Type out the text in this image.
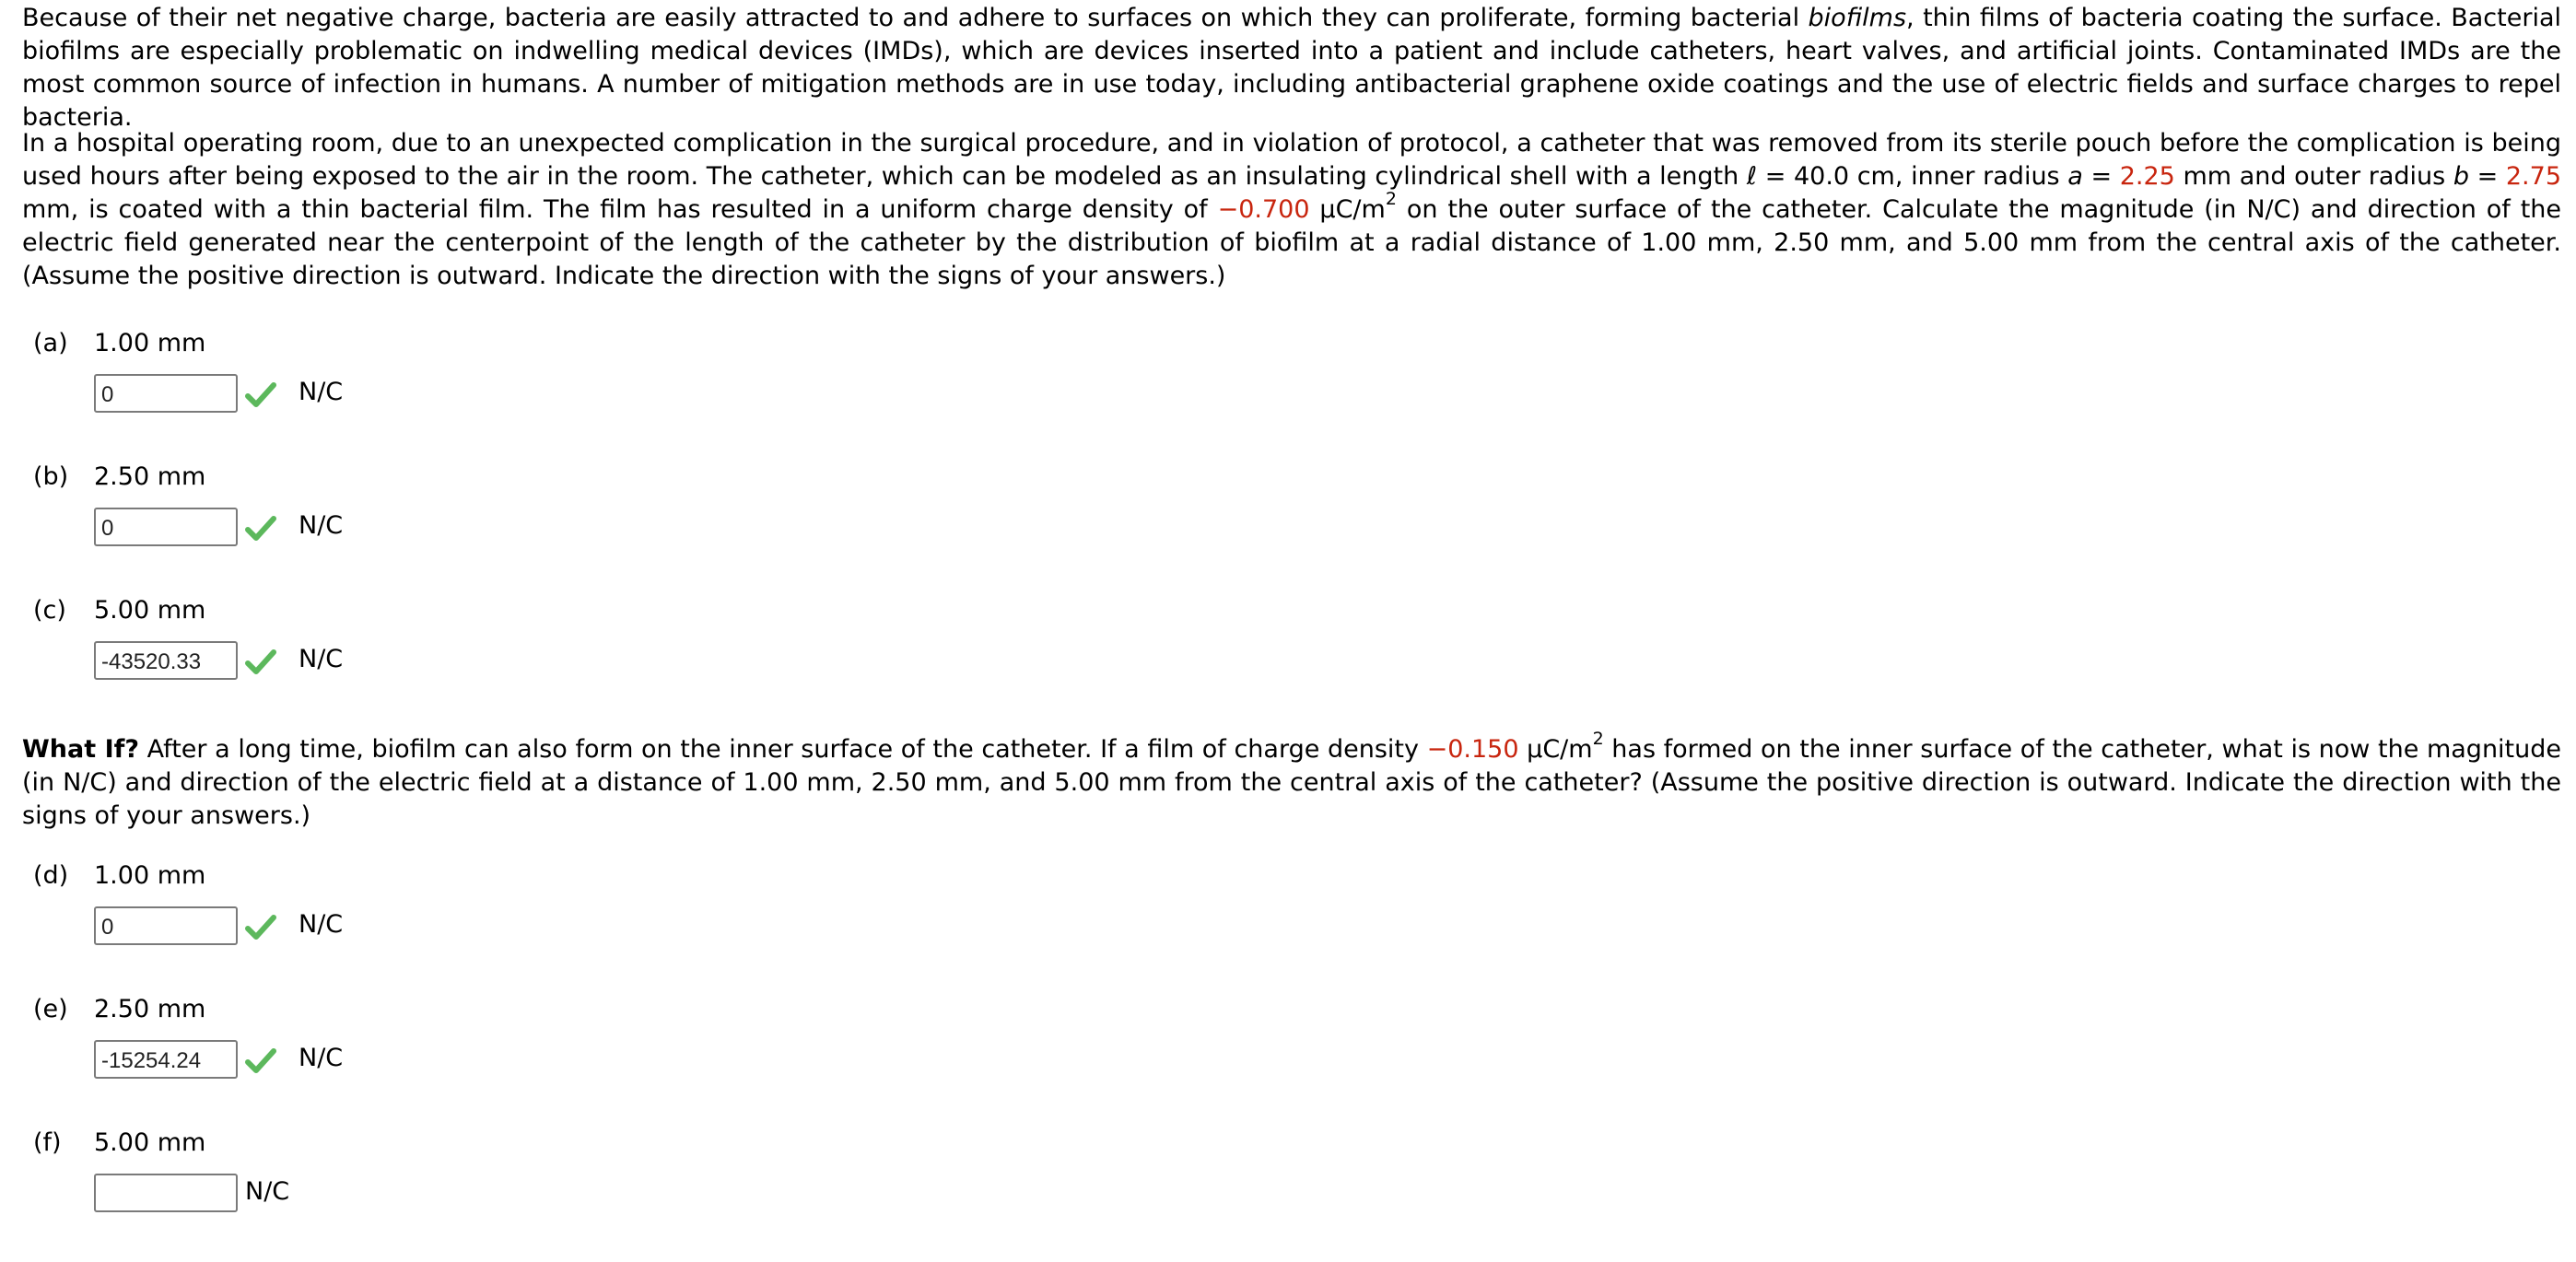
Because of their net negative charge, bacteria are easily attracted to and adhere to surfaces on which they can proliferate, forming bacterial biofilms, thin films of bacteria coating the surface. Bacterial biofilms are especially problematic on indwelling medical devices (IMDs), which are devices inserted into a patient and include catheters, heart valves, and artificial joints. Contaminated IMDs are the most common source of infection in humans. A number of mitigation methods are in use today, including antibacterial graphene oxide coatings and the use of electric fields and surface charges to repel bacteria.

In a hospital operating room, due to an unexpected complication in the surgical procedure, and in violation of protocol, a catheter that was removed from its sterile pouch before the complication is being used hours after being exposed to the air in the room. The catheter, which can be modeled as an insulating cylindrical shell with a length ℓ = 40.0 cm, inner radius a = 2.25 mm and outer radius b = 2.75 mm, is coated with a thin bacterial film. The film has resulted in a uniform charge density of −0.700 $\mu C/m^2$ on the outer surface of the catheter. Calculate the magnitude (in N/C) and direction of the electric field generated near the centerpoint of the length of the catheter by the distribution of biofilm at a radial distance of 1.00 mm, 2.50 mm, and 5.00 mm from the central axis of the catheter. (Assume the positive direction is outward. Indicate the direction with the signs of your answers.)

What If? After a long time, biofilm can also form on the inner surface of the catheter. If a film of charge density −0.150 $\mu C/m^2$ has formed on the inner surface of the catheter, what is now the magnitude (in N/C) and direction of the electric field at a distance of 1.00 mm, 2.50 mm, and 5.00 mm from the central axis of the catheter? (Assume the positive direction is outward. Indicate the direction with the signs of your answers.)

(a) 1.00 mm
0
N/C
(b) 2.50 mm
0
N/C
(c) 5.00 mm
-43520.33
N/C
(d) 1.00 mm
0
N/C
(e) 2.50 mm
-15254.24
N/C
(f) 5.00 mm
N/C
